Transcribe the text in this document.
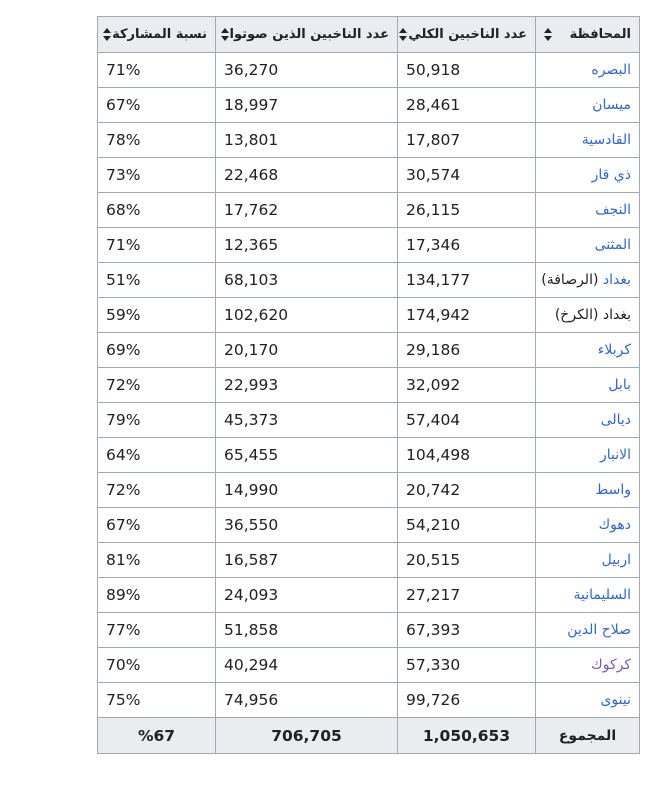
المحافظة	عدد الناخبين الكلي	عدد الناخبين الذين صوتوا	نسبة المشاركة

البصره	50,918	36,270	71%
ميسان	28,461	18,997	67%
القادسية	17,807	13,801	78%
ذي قار	30,574	22,468	73%
النجف	26,115	17,762	68%
المثنى	17,346	12,365	71%
بغداد (الرصافة)	134,177	68,103	51%
بغداد (الكرخ)	174,942	102,620	59%
كربلاء	29,186	20,170	69%
بابل	32,092	22,993	72%
ديالى	57,404	45,373	79%
الانبار	104,498	65,455	64%
واسط	20,742	14,990	72%
دهوك	54,210	36,550	67%
اربيل	20,515	16,587	81%
السليمانية	27,217	24,093	89%
صلاح الدين	67,393	51,858	77%
كركوك	57,330	40,294	70%
نينوى	99,726	74,956	75%
المجموع	1,050,653	706,705	%67
